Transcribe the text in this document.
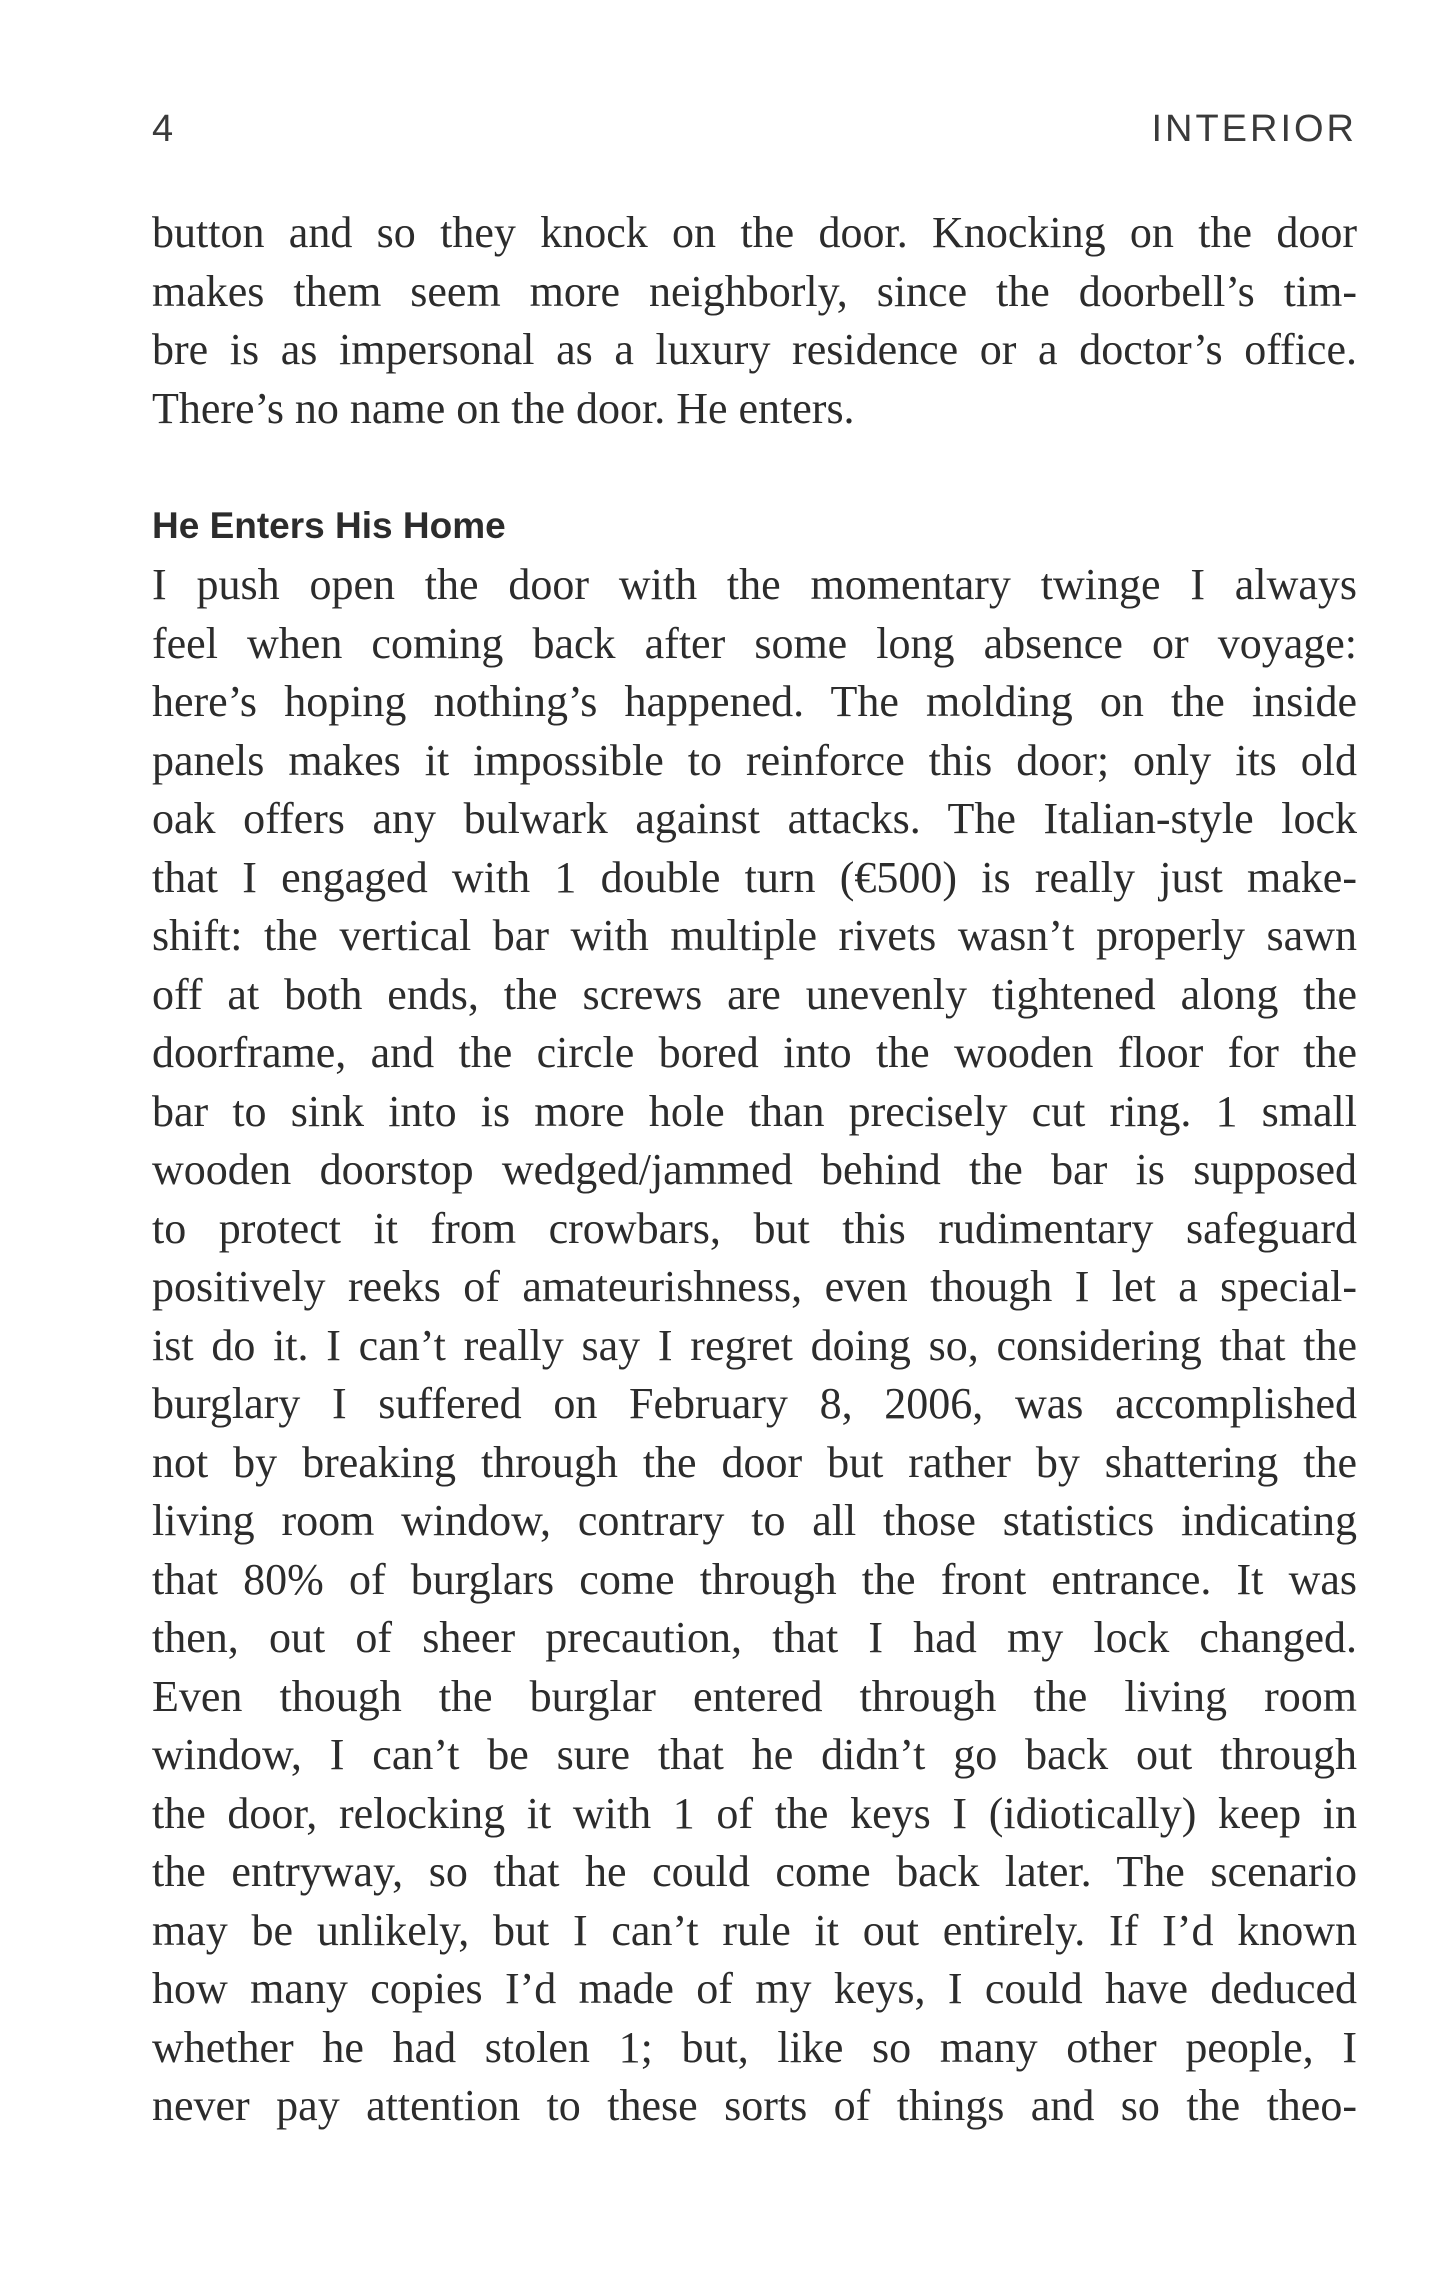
4	INTERIOR
button and so they knock on the door. Knocking on the door
makes them seem more neighborly, since the doorbell’s tim-
bre is as impersonal as a luxury residence or a doctor’s office.
There’s no name on the door. He enters.
He Enters His Home
I push open the door with the momentary twinge I always
feel when coming back after some long absence or voyage:
here’s hoping nothing’s happened. The molding on the inside
panels makes it impossible to reinforce this door; only its old
oak offers any bulwark against attacks. The Italian-style lock
that I engaged with 1 double turn (€500) is really just make-
shift: the vertical bar with multiple rivets wasn’t properly sawn
off at both ends, the screws are unevenly tightened along the
doorframe, and the circle bored into the wooden floor for the
bar to sink into is more hole than precisely cut ring. 1 small
wooden doorstop wedged/jammed behind the bar is supposed
to protect it from crowbars, but this rudimentary safeguard
positively reeks of amateurishness, even though I let a special-
ist do it. I can’t really say I regret doing so, considering that the
burglary I suffered on February 8, 2006, was accomplished
not by breaking through the door but rather by shattering the
living room window, contrary to all those statistics indicating
that 80% of burglars come through the front entrance. It was
then, out of sheer precaution, that I had my lock changed.
Even though the burglar entered through the living room
window, I can’t be sure that he didn’t go back out through
the door, relocking it with 1 of the keys I (idiotically) keep in
the entryway, so that he could come back later. The scenario
may be unlikely, but I can’t rule it out entirely. If I’d known
how many copies I’d made of my keys, I could have deduced
whether he had stolen 1; but, like so many other people, I
never pay attention to these sorts of things and so the theo-
